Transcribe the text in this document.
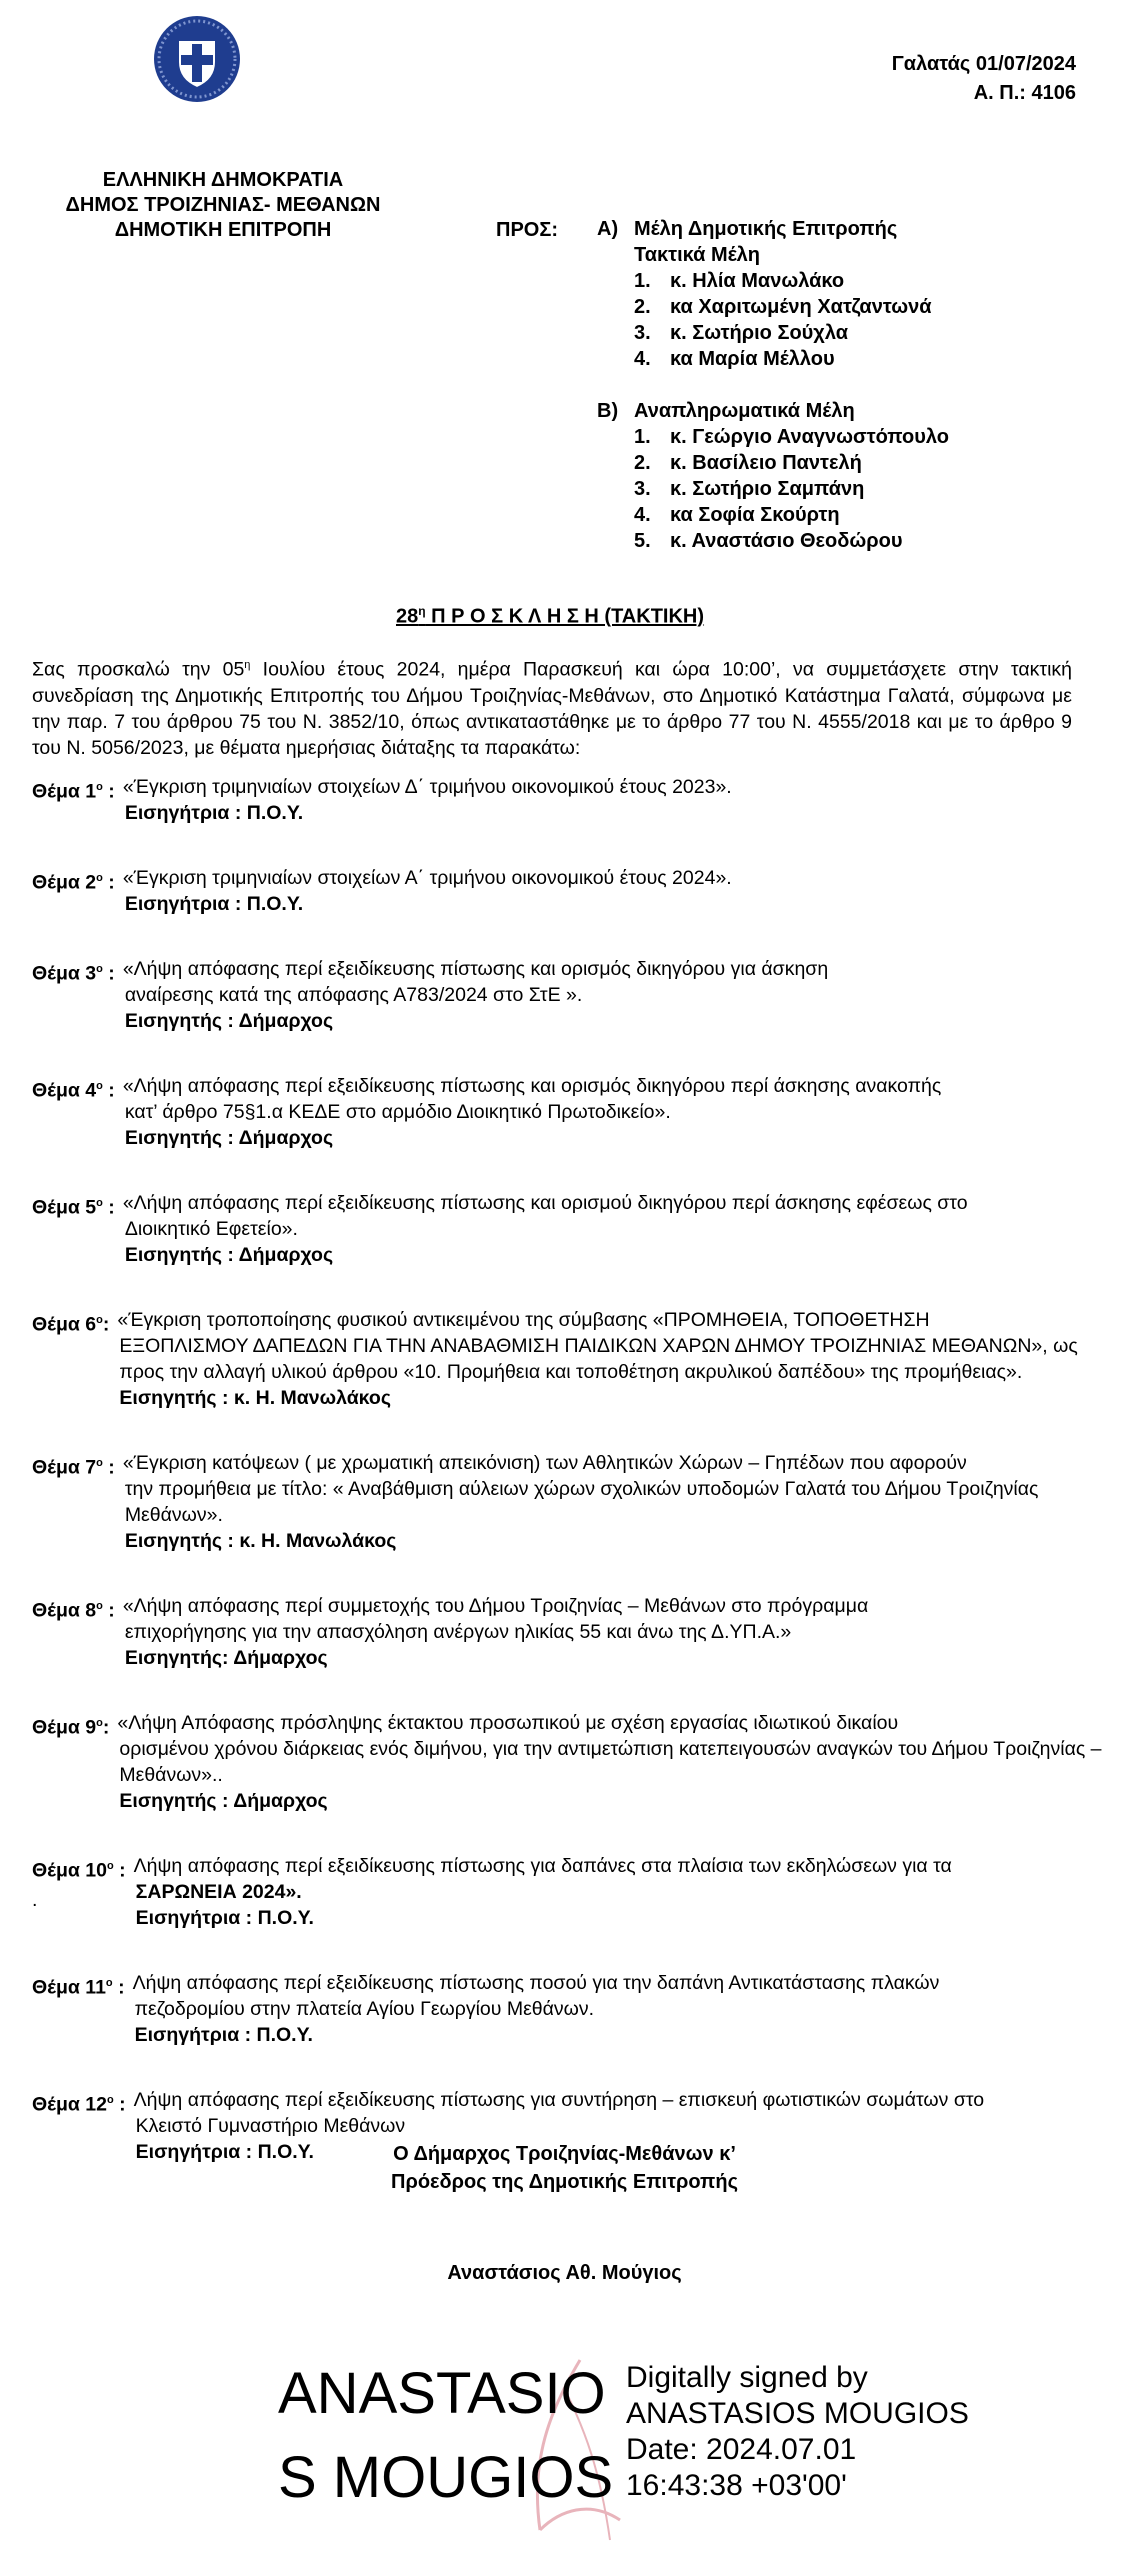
Γαλατάς 01/07/2024
Α. Π.: 4106
ΕΛΛΗΝΙΚΗ ΔΗΜΟΚΡΑΤΙΑ
ΔΗΜΟΣ ΤΡΟΙΖΗΝΙΑΣ- ΜΕΘΑΝΩΝ
ΔΗΜΟΤΙΚΗ ΕΠΙΤΡΟΠΗ	ΠΡΟΣ: Α) Μέλη Δημοτικής Επιτροπής
Τακτικά Μέλη
1. κ. Ηλία Μανωλάκο
2. κα Χαριτωμένη Χατζαντωνά
3. κ. Σωτήριο Σούχλα
4. κα Μαρία Μέλλου
Β) Αναπληρωματικά Μέλη
1. κ. Γεώργιο Αναγνωστόπουλο
2. κ. Βασίλειο Παντελή
3. κ. Σωτήριο Σαμπάνη
4. κα Σοφία Σκούρτη
5. κ. Αναστάσιο Θεοδώρου
$28^\eta$ Π Ρ Ο Σ Κ Λ Η Σ Η (ΤΑΚΤΙΚΗ)
Σας προσκαλώ την $05^\eta$ Ιουλίου έτους 2024, ημέρα Παρασκευή και ώρα 10:00’, να συμμετάσχετε στην τακτική συνεδρίαση της Δημοτικής Επιτροπής του Δήμου Τροιζηνίας-Μεθάνων, στο Δημοτικό Κατάστημα Γαλατά, σύμφωνα με την παρ. 7 του άρθρου 75 του Ν. 3852/10, όπως αντικαταστάθηκε με το άρθρο 77 του Ν. 4555/2018 και με το άρθρο 9 του Ν. 5056/2023, με θέματα ημερήσιας διάταξης τα παρακάτω:
Θέμα $1^o$ : «Έγκριση τριμηνιαίων στοιχείων Δ΄ τριμήνου οικονομικού έτους 2023».
Εισηγήτρια : Π.Ο.Υ.
Θέμα $2^o$ : «Έγκριση τριμηνιαίων στοιχείων Α΄ τριμήνου οικονομικού έτους 2024».
Εισηγήτρια : Π.Ο.Υ.
Θέμα $3^o$ : «Λήψη απόφασης περί εξειδίκευσης πίστωσης και ορισμός δικηγόρου για άσκηση
αναίρεσης κατά της απόφασης Α783/2024 στο ΣτΕ ».
Εισηγητής : Δήμαρχος
Θέμα $4^o$ : «Λήψη απόφασης περί εξειδίκευσης πίστωσης και ορισμός δικηγόρου περί άσκησης ανακοπής
κατ’ άρθρο 75§1.α ΚΕΔΕ στο αρμόδιο Διοικητικό Πρωτοδικείο».
Εισηγητής : Δήμαρχος
Θέμα $5^o$ : «Λήψη απόφασης περί εξειδίκευσης πίστωσης και ορισμού δικηγόρου περί άσκησης εφέσεως στο
Διοικητικό Εφετείο».
Εισηγητής : Δήμαρχος
Θέμα $6^o$: «Έγκριση τροποποίησης φυσικού αντικειμένου της σύμβασης «ΠΡΟΜΗΘΕΙΑ, ΤΟΠΟΘΕΤΗΣΗ
ΕΞΟΠΛΙΣΜΟΥ ΔΑΠΕΔΩΝ ΓΙΑ ΤΗΝ ΑΝΑΒΑΘΜΙΣΗ ΠΑΙΔΙΚΩΝ ΧΑΡΩΝ ΔΗΜΟΥ ΤΡΟΙΖΗΝΙΑΣ ΜΕΘΑΝΩΝ», ως προς την αλλαγή υλικού άρθρου «10. Προμήθεια και τοποθέτηση ακρυλικού δαπέδου» της προμήθειας».
Εισηγητής : κ. Η. Μανωλάκος
Θέμα $7^o$ : «Έγκριση κατόψεων ( με χρωματική απεικόνιση) των Αθλητικών Χώρων – Γηπέδων που αφορούν
την προμήθεια με τίτλο: « Αναβάθμιση αύλειων χώρων σχολικών υποδομών Γαλατά του Δήμου Τροιζηνίας Μεθάνων».
Εισηγητής : κ. Η. Μανωλάκος
Θέμα $8^o$ : «Λήψη απόφασης περί συμμετοχής του Δήμου Τροιζηνίας – Μεθάνων στο πρόγραμμα
επιχορήγησης για την απασχόληση ανέργων ηλικίας 55 και άνω της Δ.ΥΠ.Α.»
Εισηγητής: Δήμαρχος
Θέμα $9^o$: «Λήψη Απόφασης πρόσληψης έκτακτου προσωπικού με σχέση εργασίας ιδιωτικού δικαίου
ορισμένου χρόνου διάρκειας ενός διμήνου, για την αντιμετώπιση κατεπειγουσών αναγκών του Δήμου Τροιζηνίας – Μεθάνων»..
Εισηγητής : Δήμαρχος
Θέμα $10^o$ : Λήψη απόφασης περί εξειδίκευσης πίστωσης για δαπάνες στα πλαίσια των εκδηλώσεων για τα
ΣΑΡΩΝΕΙΑ 2024».
Εισηγήτρια : Π.Ο.Υ.
Θέμα $11^o$ : Λήψη απόφασης περί εξειδίκευσης πίστωσης ποσού για την δαπάνη Αντικατάστασης πλακών
πεζοδρομίου στην πλατεία Αγίου Γεωργίου Μεθάνων.
Εισηγήτρια : Π.Ο.Υ.
Θέμα $12^o$ : Λήψη απόφασης περί εξειδίκευσης πίστωσης για συντήρηση – επισκευή φωτιστικών σωμάτων στο
Κλειστό Γυμναστήριο Μεθάνων
Εισηγήτρια : Π.Ο.Υ.
.
Ο Δήμαρχος Τροιζηνίας-Μεθάνων κ’
Πρόεδρος της Δημοτικής Επιτροπής
Αναστάσιος Αθ. Μούγιος
ANASTASIO
S MOUGIOS
Digitally signed by
ANASTASIOS MOUGIOS
Date: 2024.07.01
16:43:38 +03'00'
